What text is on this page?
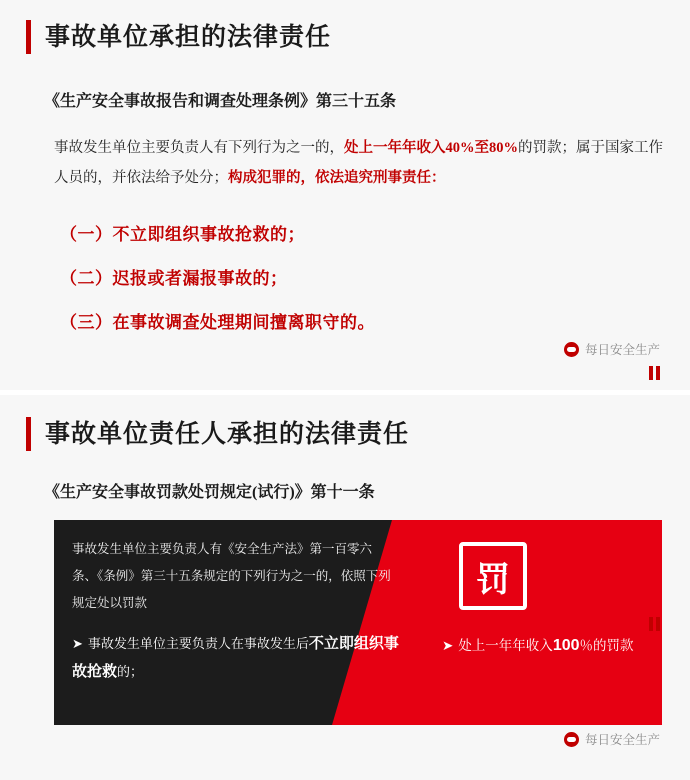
事故单位承担的法律责任
《生产安全事故报告和调查处理条例》第三十五条
事故发生单位主要负责人有下列行为之一的，处上一年年收入40%至80%的罚款；属于国家工作人员的，并依法给予处分；构成犯罪的，依法追究刑事责任：
（一）不立即组织事故抢救的；
（二）迟报或者漏报事故的；
（三）在事故调查处理期间擅离职守的。
每日安全生产
事故单位责任人承担的法律责任
《生产安全事故罚款处罚规定(试行)》第十一条
事故发生单位主要负责人有《安全生产法》第一百零六条、《条例》第三十五条规定的下列行为之一的，依照下列规定处以罚款
➤ 事故发生单位主要负责人在事故发生后不立即组织事故抢救的；
罚
➤ 处上一年年收入100％的罚款
每日安全生产
